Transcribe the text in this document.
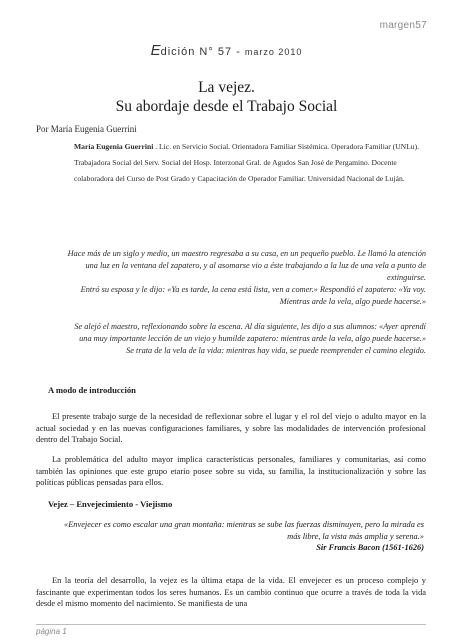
margen57
Edición N° 57 - marzo 2010
La vejez.
Su abordaje desde el Trabajo Social
Por María Eugenia Guerrini
María Eugenia Guerrini . Lic. en Servicio Social. Orientadora Familiar Sistémica. Operadora Familiar (UNLu). Trabajadora Social del Serv. Social del Hosp. Interzonal Gral. de Agudos San José de Pergamino. Docente colaboradora del Curso de Post Grado y Capacitación de Operador Familiar. Universidad Nacional de Luján.
Hace más de un siglo y medio, un maestro regresaba a su casa, en un pequeño pueblo. Le llamó la atención una luz en la ventana del zapatero, y al asomarse vio a éste trabajando a la luz de una vela a punto de extinguirse.
Entró su esposa y le dijo: «Ya es tarde, la cena está lista, ven a comer.» Respondió el zapatero: «Ya voy. Mientras arde la vela, algo puede hacerse.»
Se alejó el maestro, reflexionando sobre la escena. Al día siguiente, les dijo a sus alumnos: «Ayer aprendí una muy importante lección de un viejo y humilde zapatero: mientras arde la vela, algo puede hacerse.»
Se trata de la vela de la vida: mientras hay vida, se puede reemprender el camino elegido.
A modo de introducción
El presente trabajo surge de la necesidad de reflexionar sobre el lugar y el rol del viejo o adulto mayor en la actual sociedad y en las nuevas configuraciones familiares, y sobre las modalidades de intervención profesional dentro del Trabajo Social.
La problemática del adulto mayor implica características personales, familiares y comunitarias, así como también las opiniones que este grupo etario posee sobre su vida, su familia, la institucionalización y sobre las políticas públicas pensadas para ellos.
Vejez – Envejecimiento - Viejismo
«Envejecer es como escalar una gran montaña: mientras se sube las fuerzas disminuyen, pero la mirada es más libre, la vista más amplia y serena.»
Sir Francis Bacon (1561-1626)
En la teoría del desarrollo, la vejez es la última etapa de la vida. El envejecer es un proceso complejo y fascinante que experimentan todos los seres humanos. Es un cambio continuo que ocurre a través de toda la vida desde el mismo momento del nacimiento. Se manifiesta de una
página 1
